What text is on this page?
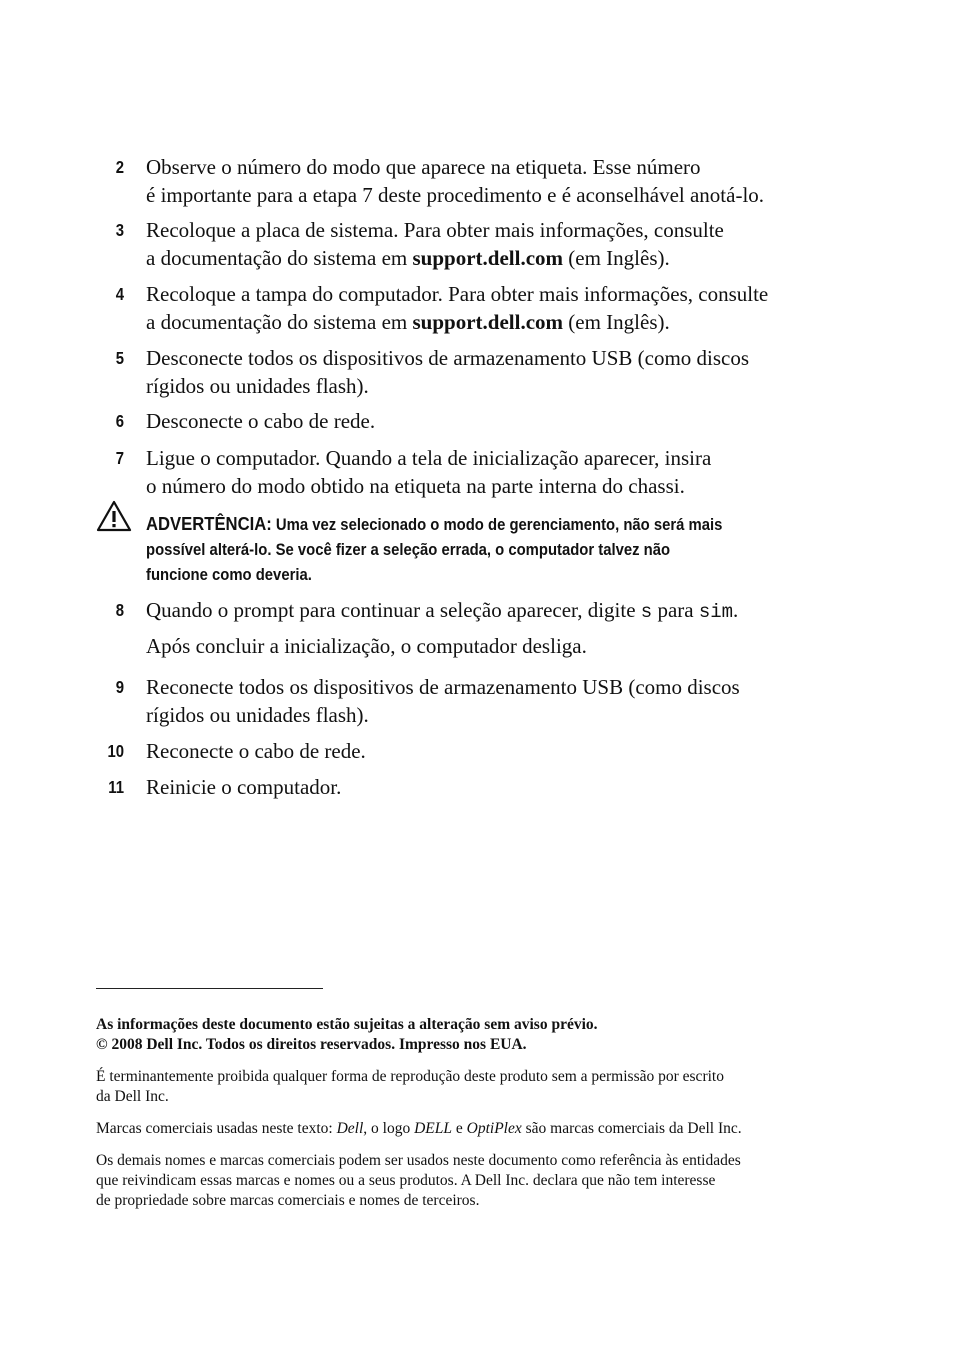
2 Observe o número do modo que aparece na etiqueta. Esse número
é importante para a etapa 7 deste procedimento e é aconselhável anotá-lo.
3 Recoloque a placa de sistema. Para obter mais informações, consulte
a documentação do sistema em support.dell.com (em Inglês).
4 Recoloque a tampa do computador. Para obter mais informações, consulte
a documentação do sistema em support.dell.com (em Inglês).
5 Desconecte todos os dispositivos de armazenamento USB (como discos
rígidos ou unidades flash).
6 Desconecte o cabo de rede.
7 Ligue o computador. Quando a tela de inicialização aparecer, insira
o número do modo obtido na etiqueta na parte interna do chassi.
ADVERTÊNCIA: Uma vez selecionado o modo de gerenciamento, não será mais
possível alterá-lo. Se você fizer a seleção errada, o computador talvez não
funcione como deveria.
8 Quando o prompt para continuar a seleção aparecer, digite s para sim.
Após concluir a inicialização, o computador desliga.
9 Reconecte todos os dispositivos de armazenamento USB (como discos
rígidos ou unidades flash).
10 Reconecte o cabo de rede.
11 Reinicie o computador.
As informações deste documento estão sujeitas a alteração sem aviso prévio.
© 2008 Dell Inc. Todos os direitos reservados. Impresso nos EUA.
É terminantemente proibida qualquer forma de reprodução deste produto sem a permissão por escrito
da Dell Inc.
Marcas comerciais usadas neste texto: Dell, o logo DELL e OptiPlex são marcas comerciais da Dell Inc.
Os demais nomes e marcas comerciais podem ser usados neste documento como referência às entidades
que reivindicam essas marcas e nomes ou a seus produtos. A Dell Inc. declara que não tem interesse
de propriedade sobre marcas comerciais e nomes de terceiros.
